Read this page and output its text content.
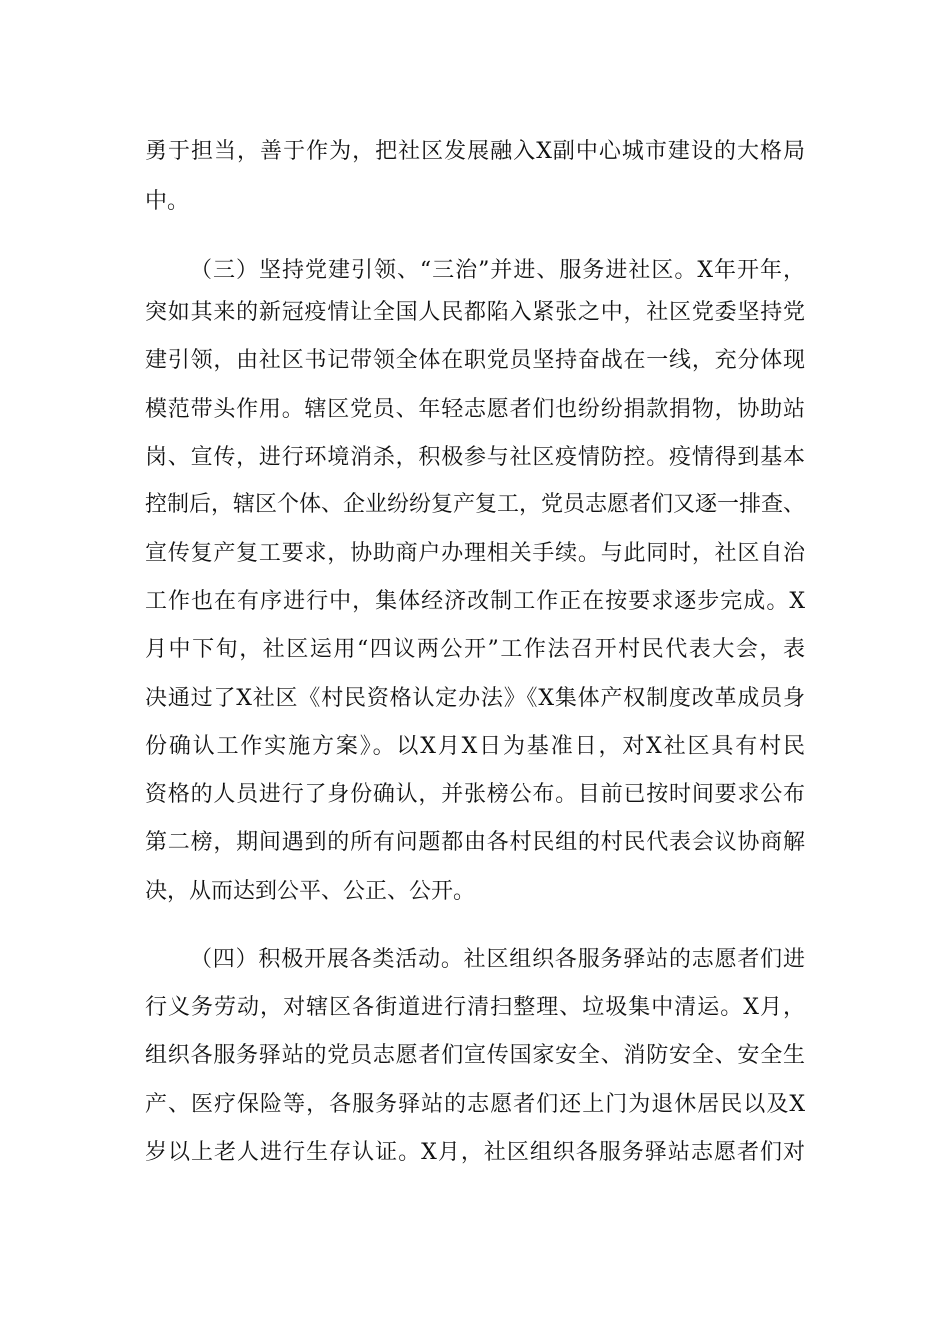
勇于担当，善于作为，把社区发展融入X副中心城市建设的大格局

中。

（三）坚持党建引领、“三治”并进、服务进社区。X年开年，

突如其来的新冠疫情让全国人民都陷入紧张之中，社区党委坚持党

建引领，由社区书记带领全体在职党员坚持奋战在一线，充分体现

模范带头作用。辖区党员、年轻志愿者们也纷纷捐款捐物，协助站

岗、宣传，进行环境消杀，积极参与社区疫情防控。疫情得到基本

控制后，辖区个体、企业纷纷复产复工，党员志愿者们又逐一排查、

宣传复产复工要求，协助商户办理相关手续。与此同时，社区自治

工作也在有序进行中，集体经济改制工作正在按要求逐步完成。X

月中下旬，社区运用“四议两公开”工作法召开村民代表大会，表

决通过了X社区《村民资格认定办法》《X集体产权制度改革成员身

份确认工作实施方案》。以X月X日为基准日，对X社区具有村民

资格的人员进行了身份确认，并张榜公布。目前已按时间要求公布

第二榜，期间遇到的所有问题都由各村民组的村民代表会议协商解

决，从而达到公平、公正、公开。

（四）积极开展各类活动。社区组织各服务驿站的志愿者们进

行义务劳动，对辖区各街道进行清扫整理、垃圾集中清运。X月，

组织各服务驿站的党员志愿者们宣传国家安全、消防安全、安全生

产、医疗保险等，各服务驿站的志愿者们还上门为退休居民以及X

岁以上老人进行生存认证。X月，社区组织各服务驿站志愿者们对
